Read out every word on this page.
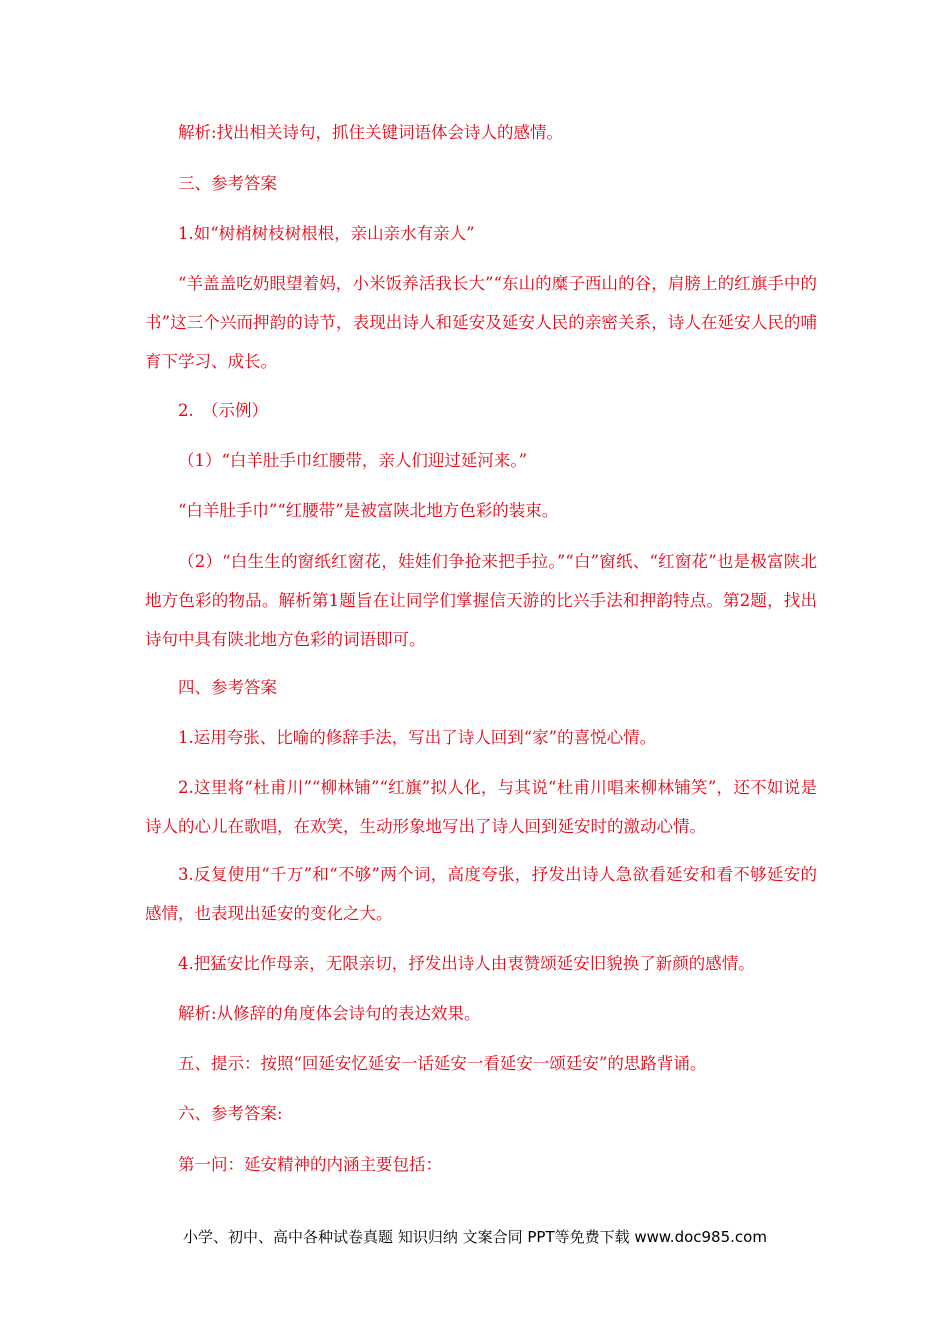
解析:找出相关诗句，抓住关键词语体会诗人的感情。

三、参考答案

1.如“树梢树枝树根根，亲山亲水有亲人”

“羊盖盖吃奶眼望着妈，小米饭养活我长大”“东山的糜子西山的谷，肩膀上的红旗手中的书”这三个兴而押韵的诗节，表现出诗人和延安及延安人民的亲密关系，诗人在延安人民的哺育下学习、成长。

2.　（示例）

（1）“白羊肚手巾红腰带，亲人们迎过延河来。”

“白羊肚手巾”“红腰带”是被富陕北地方色彩的装束。

（2）“白生生的窗纸红窗花，娃娃们争抢来把手拉。”“白”窗纸、“红窗花”也是极富陕北地方色彩的物品。解析第1题旨在让同学们掌握信天游的比兴手法和押韵特点。第2题，找出诗句中具有陕北地方色彩的词语即可。

四、参考答案

1.运用夸张、比喻的修辞手法，写出了诗人回到“家”的喜悦心情。

2.这里将“杜甫川”“柳林铺”“红旗”拟人化，与其说“杜甫川唱来柳林铺笑”，还不如说是诗人的心儿在歌唱，在欢笑，生动形象地写出了诗人回到延安时的激动心情。

3.反复使用“千万”和“不够”两个词，高度夸张，抒发出诗人急欲看延安和看不够延安的感情，也表现出延安的变化之大。

4.把猛安比作母亲，无限亲切，抒发出诗人由衷赞颂延安旧貌换了新颜的感情。

解析:从修辞的角度体会诗句的表达效果。

五、提示：按照“回延安忆延安一话延安一看延安一颂廷安”的思路背诵。

六、参考答案:

第一问：延安精神的内涵主要包括：

小学、初中、高中各种试卷真题 知识归纳 文案合同 PPT等免费下载 www.doc985.com
